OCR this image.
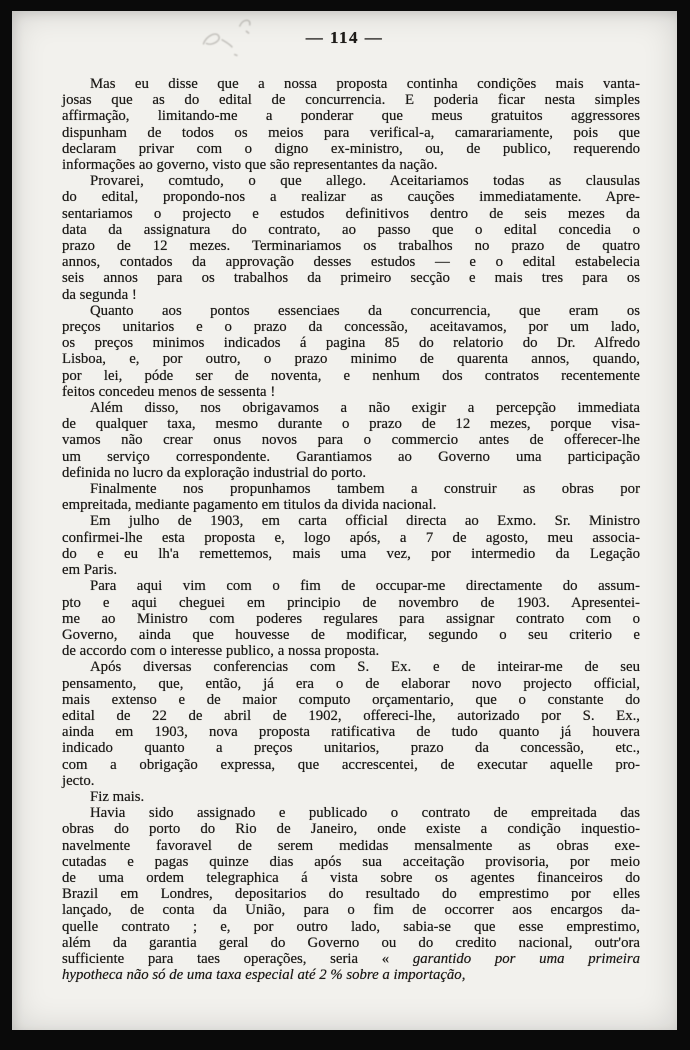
— 114 —
Mas eu disse que a nossa proposta continha condições mais vanta-
josas que as do edital de concurrencia. E poderia ficar nesta simples
affirmação, limitando-me a ponderar que meus gratuitos aggressores
dispunham de todos os meios para verifical-a, camarariamente, pois que
declaram privar com o digno ex-ministro, ou, de publico, requerendo
informações ao governo, visto que são representantes da nação.
Provarei, comtudo, o que allego. Aceitariamos todas as clausulas
do edital, propondo-nos a realizar as cauções immediatamente. Apre-
sentariamos o projecto e estudos definitivos dentro de seis mezes da
data da assignatura do contrato, ao passo que o edital concedia o
prazo de 12 mezes. Terminariamos os trabalhos no prazo de quatro
annos, contados da approvação desses estudos — e o edital estabelecia
seis annos para os trabalhos da primeiro secção e mais tres para os
da segunda !
Quanto aos pontos essenciaes da concurrencia, que eram os
preços unitarios e o prazo da concessão, aceitavamos, por um lado,
os preços minimos indicados á pagina 85 do relatorio do Dr. Alfredo
Lisboa, e, por outro, o prazo minimo de quarenta annos, quando,
por lei, póde ser de noventa, e nenhum dos contratos recentemente
feitos concedeu menos de sessenta !
Além disso, nos obrigavamos a não exigir a percepção immediata
de qualquer taxa, mesmo durante o prazo de 12 mezes, porque visa-
vamos não crear onus novos para o commercio antes de offerecer-lhe
um serviço correspondente. Garantiamos ao Governo uma participação
definida no lucro da exploração industrial do porto.
Finalmente nos propunhamos tambem a construir as obras por
empreitada, mediante pagamento em titulos da divida nacional.
Em julho de 1903, em carta official directa ao Exmo. Sr. Ministro
confirmei-lhe esta proposta e, logo após, a 7 de agosto, meu associa-
do e eu lh'a remettemos, mais uma vez, por intermedio da Legação
em Paris.
Para aqui vim com o fim de occupar-me directamente do assum-
pto e aqui cheguei em principio de novembro de 1903. Apresentei-
me ao Ministro com poderes regulares para assignar contrato com o
Governo, ainda que houvesse de modificar, segundo o seu criterio e
de accordo com o interesse publico, a nossa proposta.
Após diversas conferencias com S. Ex. e de inteirar-me de seu
pensamento, que, então, já era o de elaborar novo projecto official,
mais extenso e de maior computo orçamentario, que o constante do
edital de 22 de abril de 1902, offereci-lhe, autorizado por S. Ex.,
ainda em 1903, nova proposta ratificativa de tudo quanto já houvera
indicado quanto a preços unitarios, prazo da concessão, etc.,
com a obrigação expressa, que accrescentei, de executar aquelle pro-
jecto.
Fiz mais.
Havia sido assignado e publicado o contrato de empreitada das
obras do porto do Rio de Janeiro, onde existe a condição inquestio-
navelmente favoravel de serem medidas mensalmente as obras exe-
cutadas e pagas quinze dias após sua acceitação provisoria, por meio
de uma ordem telegraphica á vista sobre os agentes financeiros do
Brazil em Londres, depositarios do resultado do emprestimo por elles
lançado, de conta da União, para o fim de occorrer aos encargos da-
quelle contrato ; e, por outro lado, sabia-se que esse emprestimo,
além da garantia geral do Governo ou do credito nacional, outr'ora
sufficiente para taes operações, seria « garantido por uma primeira
hypotheca não só de uma taxa especial até 2 % sobre a importação,
